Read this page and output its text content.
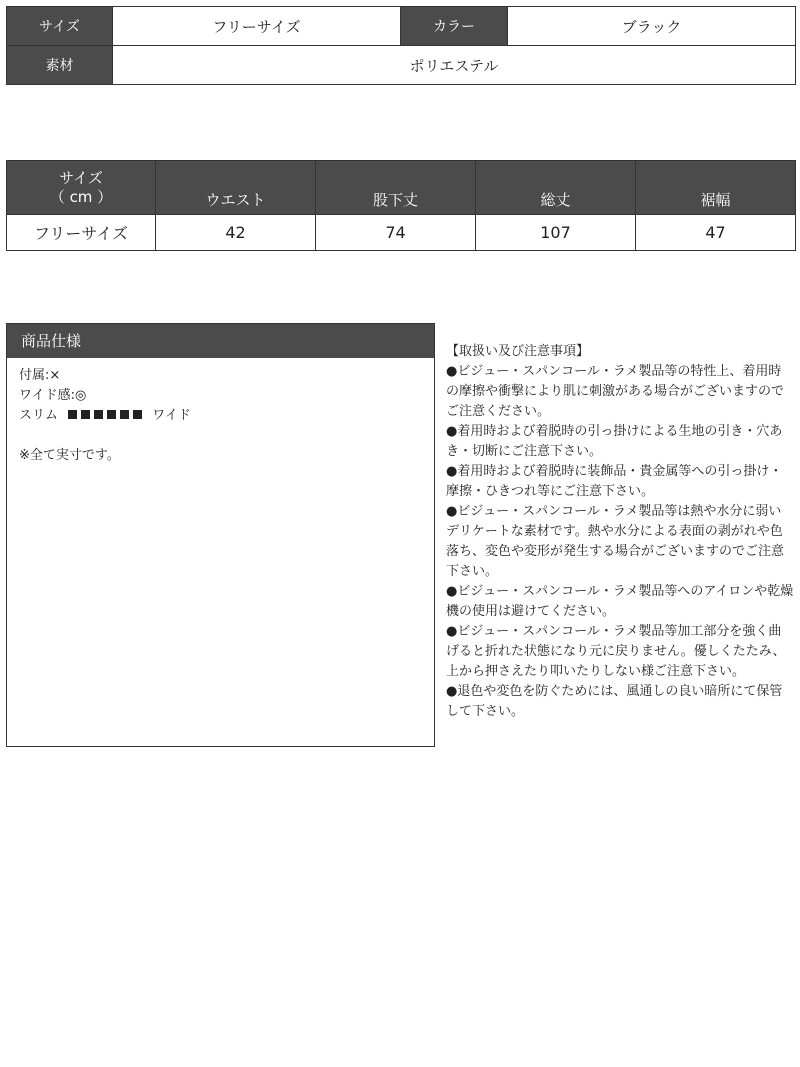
サイズ	フリーサイズ	カラー	ブラック
素材	ポリエステル		
サイズ
（ cm ）	ウエスト	股下丈	総丈	裾幅
フリーサイズ	42	74	107	47
商品仕様
付属:×
ワイド感:◎
スリム	ワイド
※全て実寸です。
【取扱い及び注意事項】
●ビジュー・スパンコール・ラメ製品等の特性上、着用時の摩擦や衝撃により肌に刺激がある場合がございますのでご注意ください。
●着用時および着脱時の引っ掛けによる生地の引き・穴あき・切断にご注意下さい。
●着用時および着脱時に装飾品・貴金属等への引っ掛け・摩擦・ひきつれ等にご注意下さい。
●ビジュー・スパンコール・ラメ製品等は熱や水分に弱いデリケートな素材です。熱や水分による表面の剥がれや色落ち、変色や変形が発生する場合がございますのでご注意下さい。
●ビジュー・スパンコール・ラメ製品等へのアイロンや乾燥機の使用は避けてください。
●ビジュー・スパンコール・ラメ製品等加工部分を強く曲げると折れた状態になり元に戻りません。優しくたたみ、上から押さえたり叩いたりしない様ご注意下さい。
●退色や変色を防ぐためには、風通しの良い暗所にて保管して下さい。
